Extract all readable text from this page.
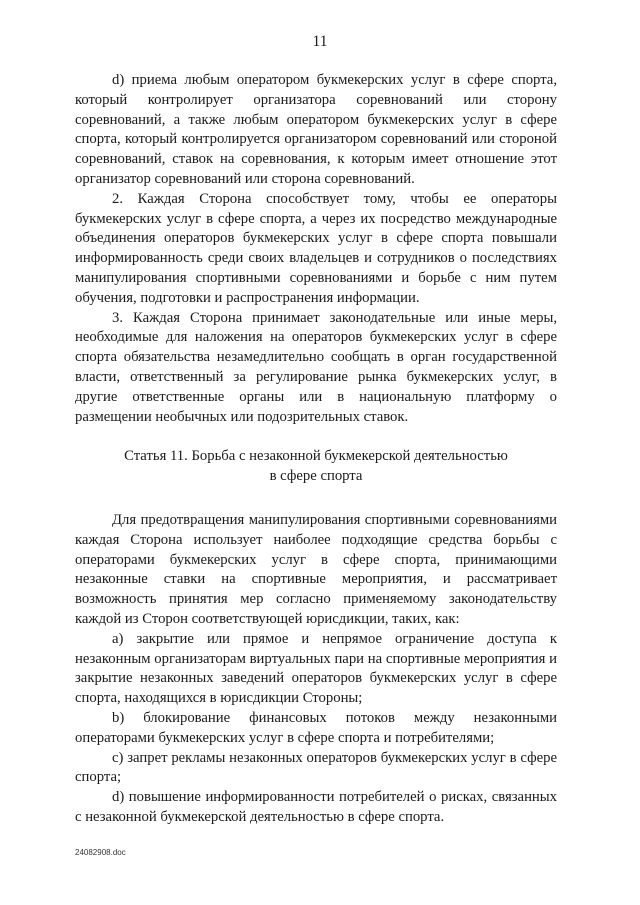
11

d) приема любым оператором букмекерских услуг в сфере спорта, который контролирует организатора соревнований или сторону соревнований, а также любым оператором букмекерских услуг в сфере спорта, который контролируется организатором соревнований или стороной соревнований, ставок на соревнования, к которым имеет отношение этот организатор соревнований или сторона соревнований.

2. Каждая Сторона способствует тому, чтобы ее операторы букмекерских услуг в сфере спорта, а через их посредство международные объединения операторов букмекерских услуг в сфере спорта повышали информированность среди своих владельцев и сотрудников о последствиях манипулирования спортивными соревнованиями и борьбе с ним путем обучения, подготовки и распространения информации.

3. Каждая Сторона принимает законодательные или иные меры, необходимые для наложения на операторов букмекерских услуг в сфере спорта обязательства незамедлительно сообщать в орган государственной власти, ответственный за регулирование рынка букмекерских услуг, в другие ответственные органы или в национальную платформу о размещении необычных или подозрительных ставок.

Статья 11. Борьба с незаконной букмекерской деятельностью
в сфере спорта

Для предотвращения манипулирования спортивными соревнованиями каждая Сторона использует наиболее подходящие средства борьбы с операторами букмекерских услуг в сфере спорта, принимающими незаконные ставки на спортивные мероприятия, и рассматривает возможность принятия мер согласно применяемому законодательству каждой из Сторон соответствующей юрисдикции, таких, как:

a) закрытие или прямое и непрямое ограничение доступа к незаконным организаторам виртуальных пари на спортивные мероприятия и закрытие незаконных заведений операторов букмекерских услуг в сфере спорта, находящихся в юрисдикции Стороны;

b) блокирование финансовых потоков между незаконными операторами букмекерских услуг в сфере спорта и потребителями;

c) запрет рекламы незаконных операторов букмекерских услуг в сфере спорта;

d) повышение информированности потребителей о рисках, связанных с незаконной букмекерской деятельностью в сфере спорта.

24082908.doc
